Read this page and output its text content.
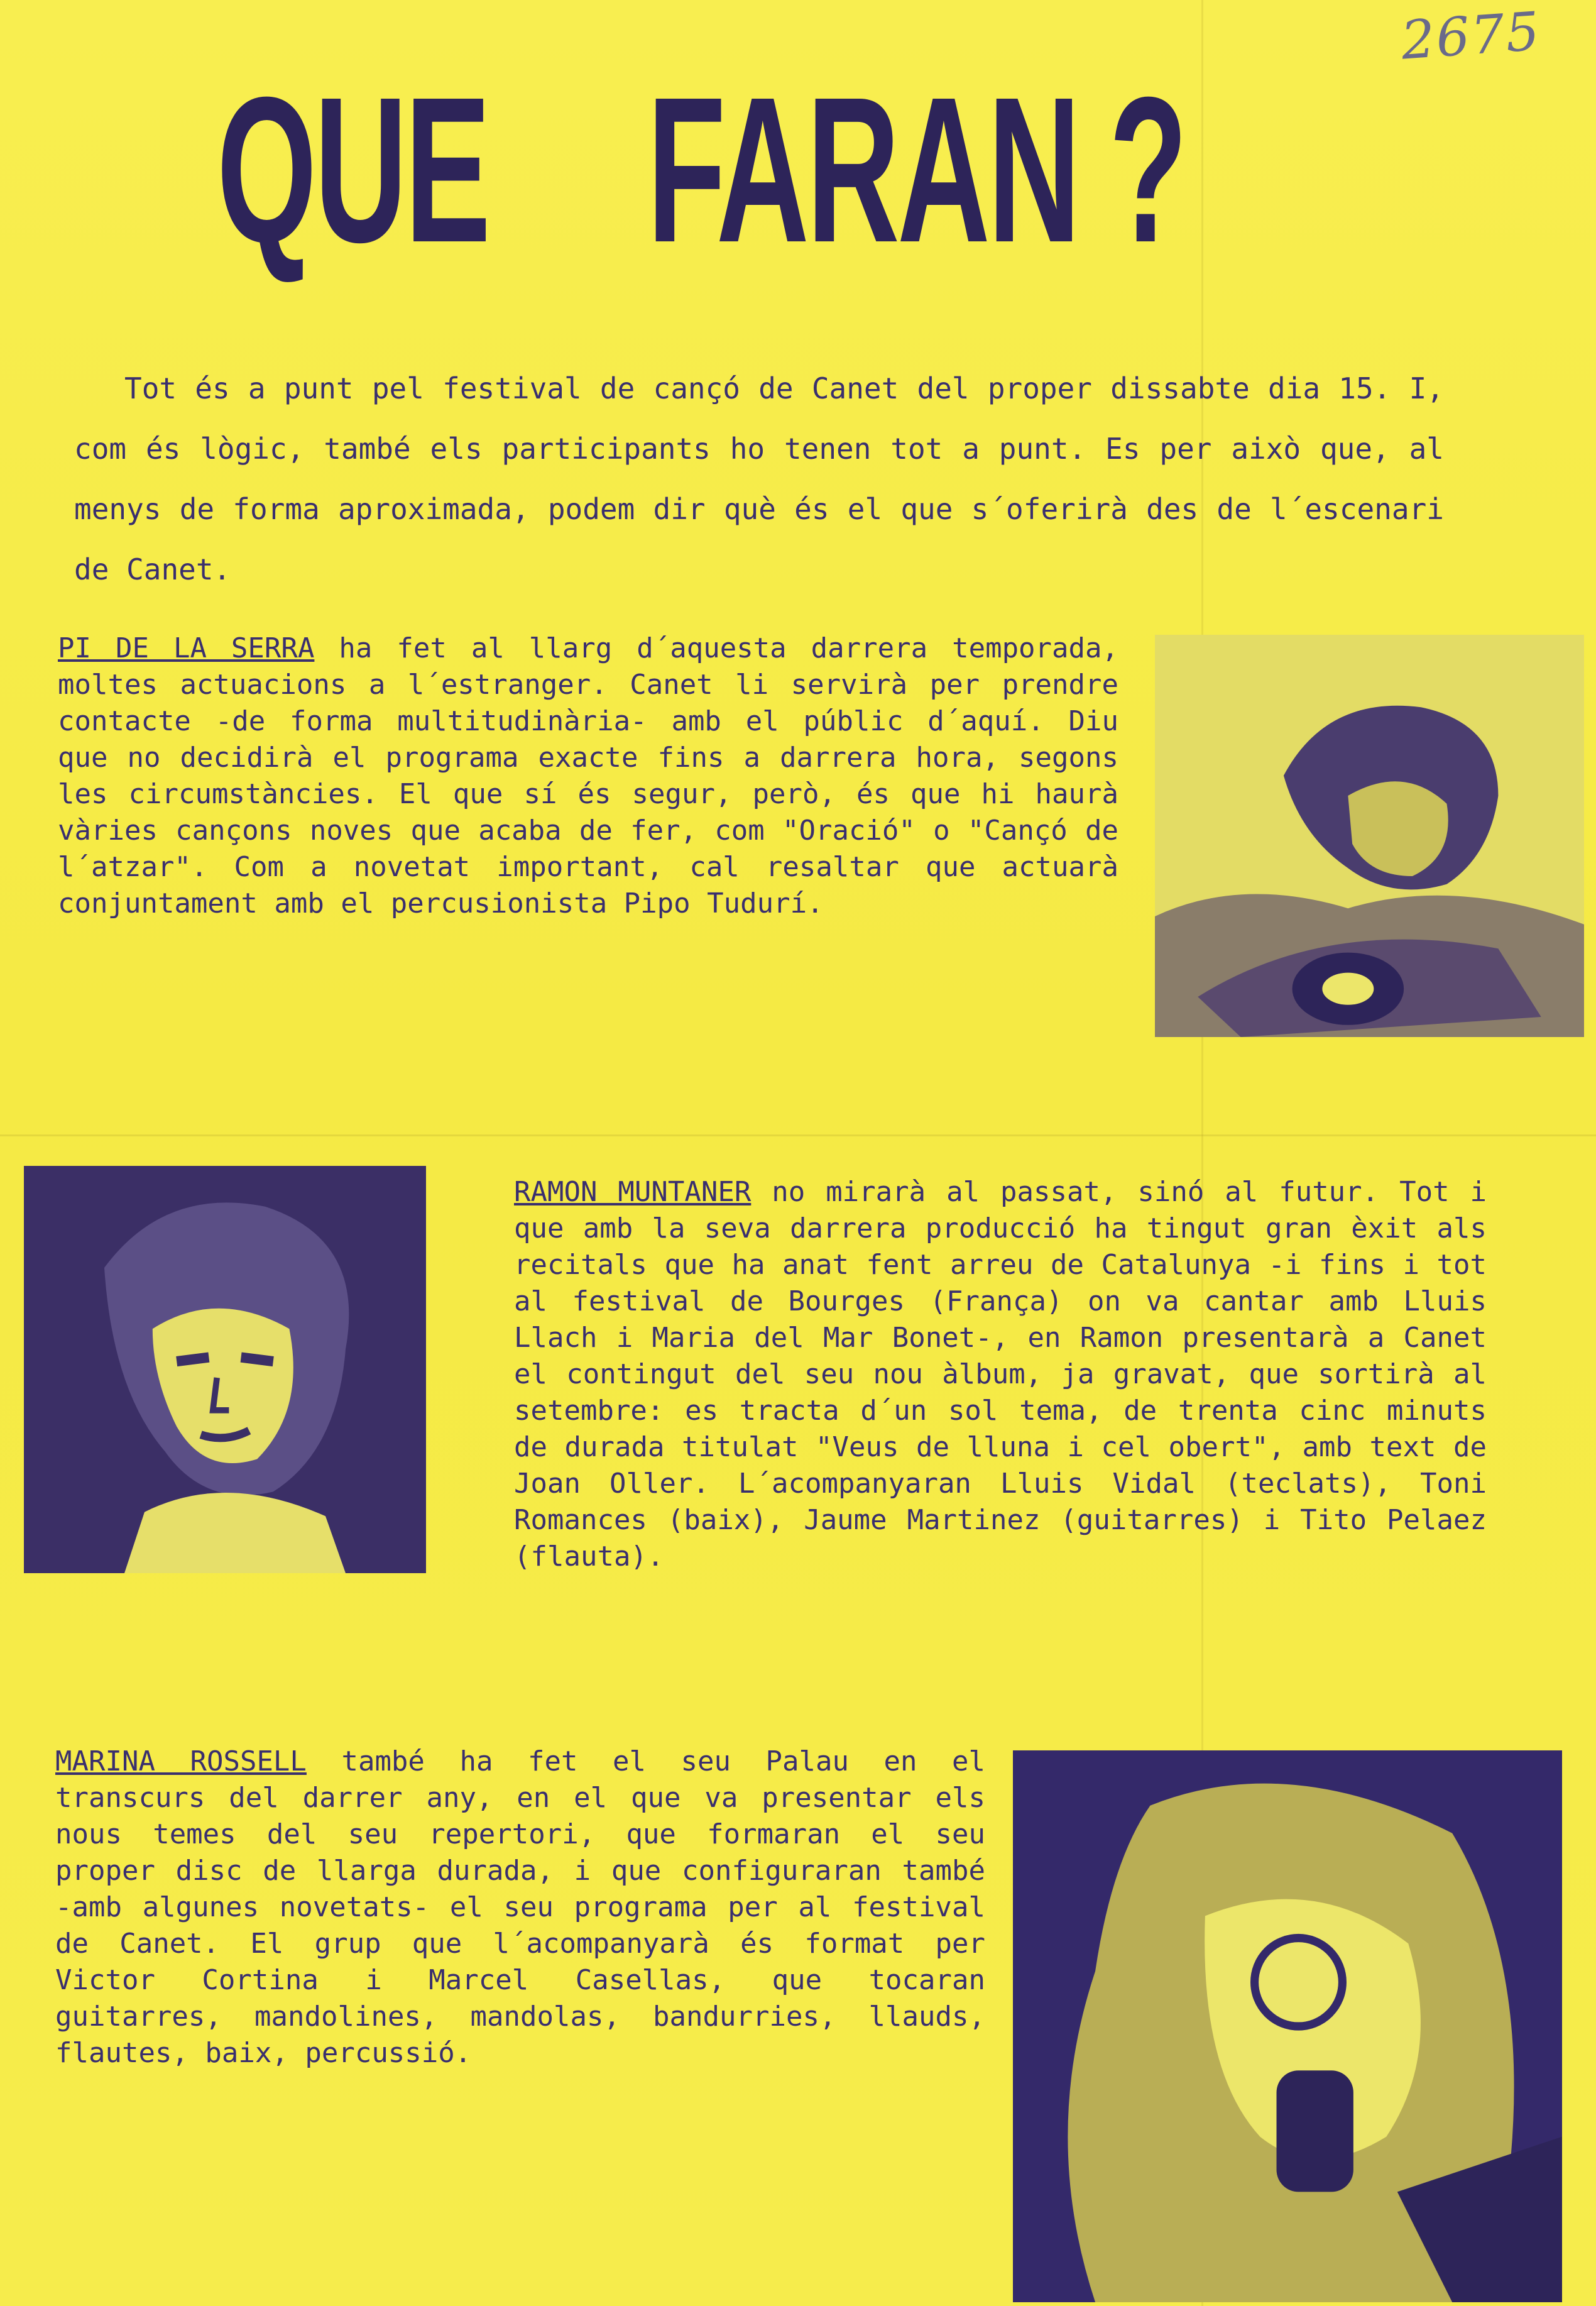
2675
QUE FARAN ?

Tot és a punt pel festival de cançó de Canet del proper dissabte dia 15. I, com és lògic, també els participants ho tenen tot a punt. Es per això que, al menys de forma aproximada, podem dir què és el que s´oferirà des de l´escenari de Canet.

PI DE LA SERRA ha fet al llarg d´aquesta darrera temporada, moltes actuacions a l´estranger. Canet li servirà per prendre contacte -de forma multitudinària- amb el públic d´aquí. Diu que no decidirà el programa exacte fins a darrera hora, segons les circumstàncies. El que sí és segur, però, és que hi haurà vàries cançons noves que acaba de fer, com "Oració" o "Cançó de l´atzar". Com a novetat important, cal resaltar que actuarà conjuntament amb el percusionista Pipo Tudurí.

RAMON MUNTANER no mirarà al passat, sinó al futur. Tot i que amb la seva darrera producció ha tingut gran èxit als recitals que ha anat fent arreu de Catalunya -i fins i tot al festival de Bourges (França) on va cantar amb Lluis Llach i Maria del Mar Bonet-, en Ramon presentarà a Canet el contingut del seu nou àlbum, ja gravat, que sortirà al setembre: es tracta d´un sol tema, de trenta cinc minuts de durada titulat "Veus de lluna i cel obert", amb text de Joan Oller. L´acompanyaran Lluis Vidal (teclats), Toni Romances (baix), Jaume Martinez (guitarres) i Tito Pelaez (flauta).

MARINA ROSSELL també ha fet el seu Palau en el transcurs del darrer any, en el que va presentar els nous temes del seu repertori, que formaran el seu proper disc de llarga durada, i que configuraran també -amb algunes novetats- el seu programa per al festival de Canet. El grup que l´acompanyarà és format per Victor Cortina i Marcel Casellas, que tocaran guitarres, mandolines, mandolas, bandurries, llauds, flautes, baix, percussió.
